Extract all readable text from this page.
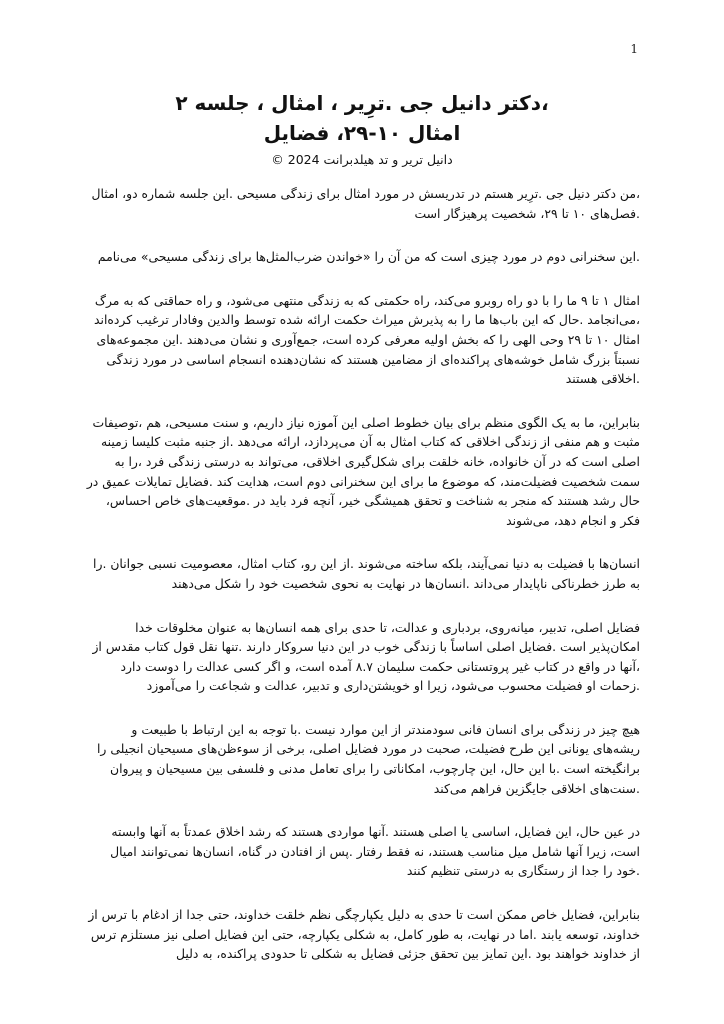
1
،دکتر دانیل جی .ترِیر ، امثال ، جلسه ۲
امثال ۱۰-۲۹، فضایل
دانیل تریر و تد هیلدبرانت 2024 ©

،من دکتر دنیل جی .ترِیر هستم در تدریسش در مورد امثال برای زندگی مسیحی .این جلسه شماره دو، امثال .فصل‌های ۱۰ تا ۲۹، شخصیت پرهیزگار است

.این سخنرانی دوم در مورد چیزی است که من آن را «خواندن ضرب‌المثل‌ها برای زندگی مسیحی» می‌نامم

امثال ۱ تا ۹ ما را با دو راه روبرو می‌کند، راه حکمتی که به زندگی منتهی می‌شود، و راه حماقتی که به مرگ ،می‌انجامد .حال که این باب‌ها ما را به پذیرش میراث حکمت ارائه شده توسط والدین وفادار ترغیب کرده‌اند امثال ۱۰ تا ۲۹ وحی الهی را که بخش اولیه معرفی کرده است، جمع‌آوری و نشان می‌دهند .این مجموعه‌های نسبتاً بزرگ شامل خوشه‌های پراکنده‌ای از مضامین هستند که نشان‌دهنده انسجام اساسی در مورد زندگی .اخلاقی هستند

بنابراین، ما به یک الگوی منظم برای بیان خطوط اصلی این آموزه نیاز داریم، و سنت مسیحی، هم ،توصیفات مثبت و هم منفی از زندگی اخلاقی که کتاب امثال به آن می‌پردازد، ارائه می‌دهد .از جنبه مثبت کلیسا زمینه اصلی است که در آن خانواده، خانه خلقت برای شکل‌گیری اخلاقی، می‌تواند به درستی زندگی فرد ،را به سمت شخصیت فضیلت‌مند، که موضوع ما برای این سخنرانی دوم است، هدایت کند .فضایل تمایلات عمیق در حال رشد هستند که منجر به شناخت و تحقق همیشگی خیر، آنچه فرد باید در .موقعیت‌های خاص احساس، فکر و انجام دهد، می‌شوند

انسان‌ها با فضیلت به دنیا نمی‌آیند، بلکه ساخته می‌شوند .از این رو، کتاب امثال، معصومیت نسبی جوانان .را به طرز خطرناکی ناپایدار می‌داند .انسان‌ها در نهایت به نحوی شخصیت خود را شکل می‌دهند

فضایل اصلی، تدبیر، میانه‌روی، بردباری و عدالت، تا حدی برای همه انسان‌ها به عنوان مخلوقات خدا امکان‌پذیر است .فضایل اصلی اساساً با زندگی خوب در این دنیا سروکار دارند .تنها نقل قول کتاب مقدس از ،آنها در واقع در کتاب غیر پروتستانی حکمت سلیمان ۸.۷ آمده است، و اگر کسی عدالت را دوست دارد .زحمات او فضیلت محسوب می‌شود، زیرا او خویشتن‌داری و تدبیر، عدالت و شجاعت را می‌آموزد

هیچ چیز در زندگی برای انسان فانی سودمندتر از این موارد نیست .با توجه به این ارتباط با طبیعت و ریشه‌های یونانی این طرح فضیلت، صحبت در مورد فضایل اصلی، برخی از سوءظن‌های مسیحیان انجیلی را برانگیخته است .با این حال، این چارچوب، امکاناتی را برای تعامل مدنی و فلسفی بین مسیحیان و پیروان .سنت‌های اخلاقی جایگزین فراهم می‌کند

در عین حال، این فضایل، اساسی یا اصلی هستند .آنها مواردی هستند که رشد اخلاق عمدتاً به آنها وابسته است، زیرا آنها شامل میل مناسب هستند، نه فقط رفتار .پس از افتادن در گناه، انسان‌ها نمی‌توانند امیال .خود را جدا از رستگاری به درستی تنظیم کنند

بنابراین، فضایل خاص ممکن است تا حدی به دلیل یکپارچگی نظم خلقت خداوند، حتی جدا از ادغام با ترس از خداوند، توسعه یابند .اما در نهایت، به طور کامل، به شکلی یکپارچه، حتی این فضایل اصلی نیز مستلزم ترس از خداوند خواهند بود .این تمایز بین تحقق جزئی فضایل به شکلی تا حدودی پراکنده، به دلیل
